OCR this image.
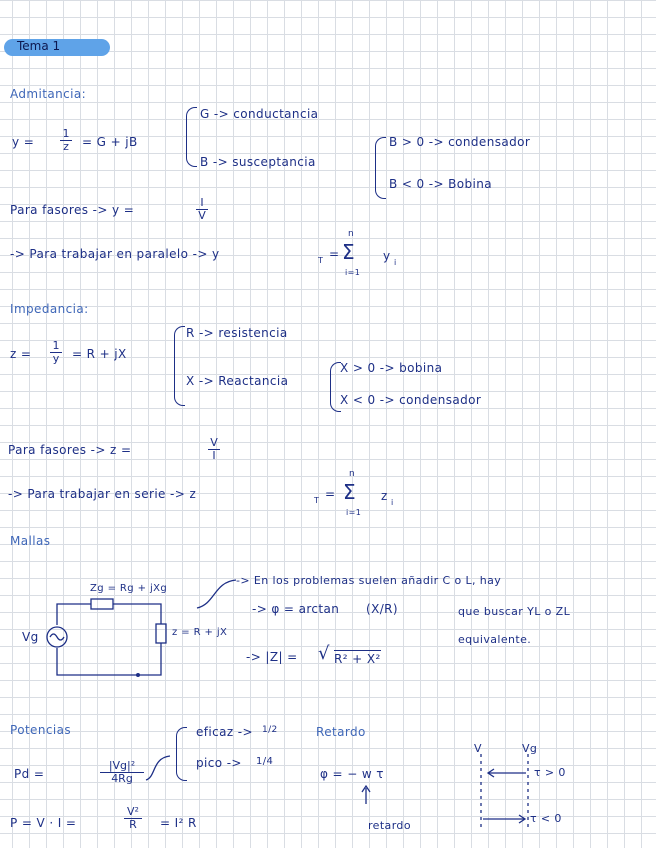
Tema 1
Admitancia:
y =
1
z = G + jB
G -> conductancia
B -> susceptancia
B > 0 -> condensador
B < 0 -> Bobina
Para fasores -> y =
I
V
-> Para trabajar en paralelo -> y	T =
n
Σ
i=1
y i
Impedancia:
z =
1
y = R + jX
R -> resistencia
X -> Reactancia
X > 0 -> bobina
X < 0 -> condensador
Para fasores -> z =
V
I
-> Para trabajar en serie -> z	T =
n
Σ
i=1
z i
Mallas
Zg = Rg + jXg
Vg	z = R + jX
-> En los problemas suelen añadir C o L, hay
que buscar YL o ZL
equivalente.
-> φ = arctan (X/R)
-> |Z| = √ R² + X²
Potencias
Pd =
|Vg|²
4Rg
eficaz -> 1/2
pico -> 1/4
P = V · I =
V²
R = I² R
Retardo
φ = − w τ
retardo
V	Vg
τ > 0
τ < 0
